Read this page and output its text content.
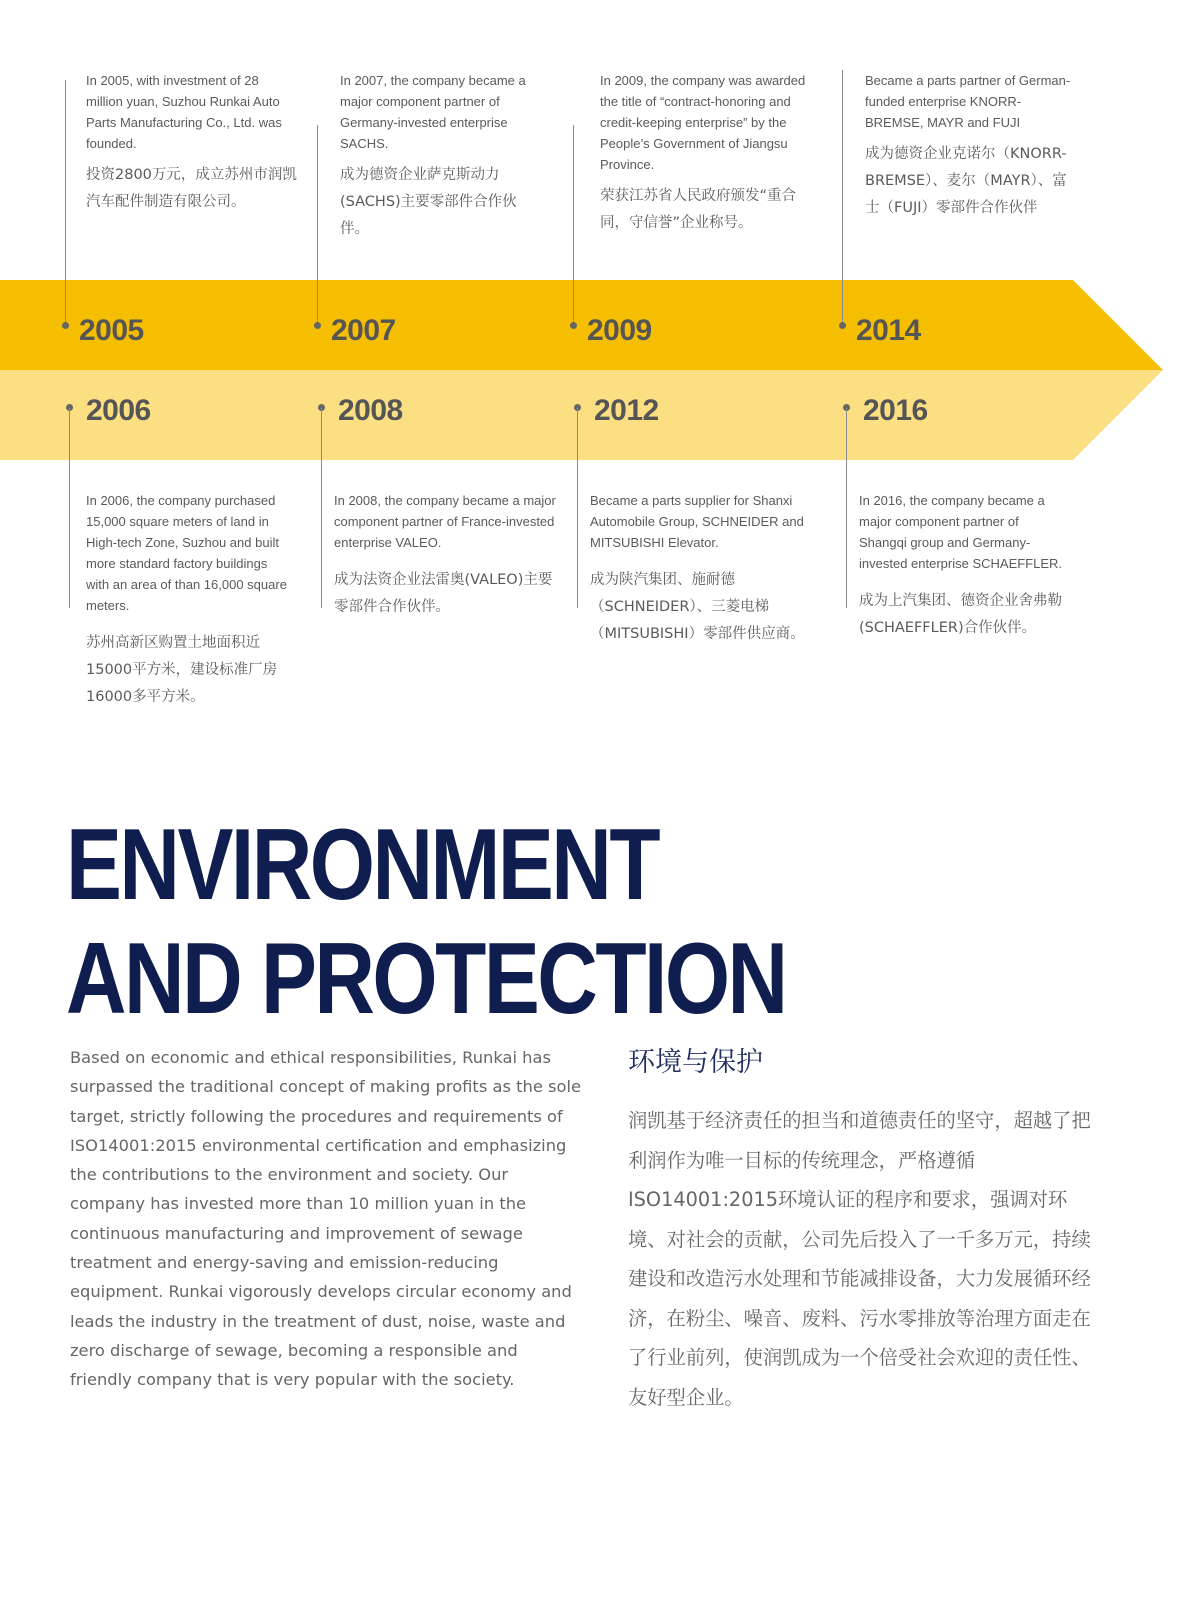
2005

In 2005, with investment of 28 million yuan, Suzhou Runkai Auto Parts Manufacturing Co., Ltd. was founded.

投资2800万元，成立苏州市润凯汽车配件制造有限公司。

2007

In 2007, the company became a major component partner of Germany-invested enterprise SACHS.

成为德资企业萨克斯动力(SACHS)主要零部件合作伙伴。

2009

In 2009, the company was awarded the title of “contract-honoring and credit-keeping enterprise” by the People’s Government of Jiangsu Province.

荣获江苏省人民政府颁发“重合同，守信誉”企业称号。

2014

Became a parts partner of German-funded enterprise KNORR-BREMSE, MAYR and FUJI

成为德资企业克诺尔（KNORR-BREMSE）、麦尔（MAYR）、富士（FUJI）零部件合作伙伴

2006

In 2006, the company purchased 15,000 square meters of land in High-tech Zone, Suzhou and built more standard factory buildings with an area of than 16,000 square meters.

苏州高新区购置土地面积近15000平方米，建设标准厂房16000多平方米。

2008

In 2008, the company became a major component partner of France-invested enterprise VALEO.

成为法资企业法雷奥(VALEO)主要零部件合作伙伴。

2012

Became a parts supplier for Shanxi Automobile Group, SCHNEIDER and MITSUBISHI Elevator.

成为陕汽集团、施耐德（SCHNEIDER）、三菱电梯（MITSUBISHI）零部件供应商。

2016

In 2016, the company became a major component partner of Shangqi group and Germany-invested enterprise SCHAEFFLER.

成为上汽集团、德资企业舍弗勒(SCHAEFFLER)合作伙伴。

ENVIRONMENT
AND PROTECTION

Based on economic and ethical responsibilities, Runkai has surpassed the traditional concept of making profits as the sole target, strictly following the procedures and requirements of ISO14001:2015 environmental certification and emphasizing the contributions to the environment and society. Our company has invested more than 10 million yuan in the continuous manufacturing and improvement of sewage treatment and energy-saving and emission-reducing equipment. Runkai vigorously develops circular economy and leads the industry in the treatment of dust, noise, waste and zero discharge of sewage, becoming a responsible and friendly company that is very popular with the society.

环境与保护

润凯基于经济责任的担当和道德责任的坚守，超越了把利润作为唯一目标的传统理念，严格遵循ISO14001:2015环境认证的程序和要求，强调对环境、对社会的贡献，公司先后投入了一千多万元，持续建设和改造污水处理和节能减排设备，大力发展循环经济，在粉尘、噪音、废料、污水零排放等治理方面走在了行业前列，使润凯成为一个倍受社会欢迎的责任性、友好型企业。
